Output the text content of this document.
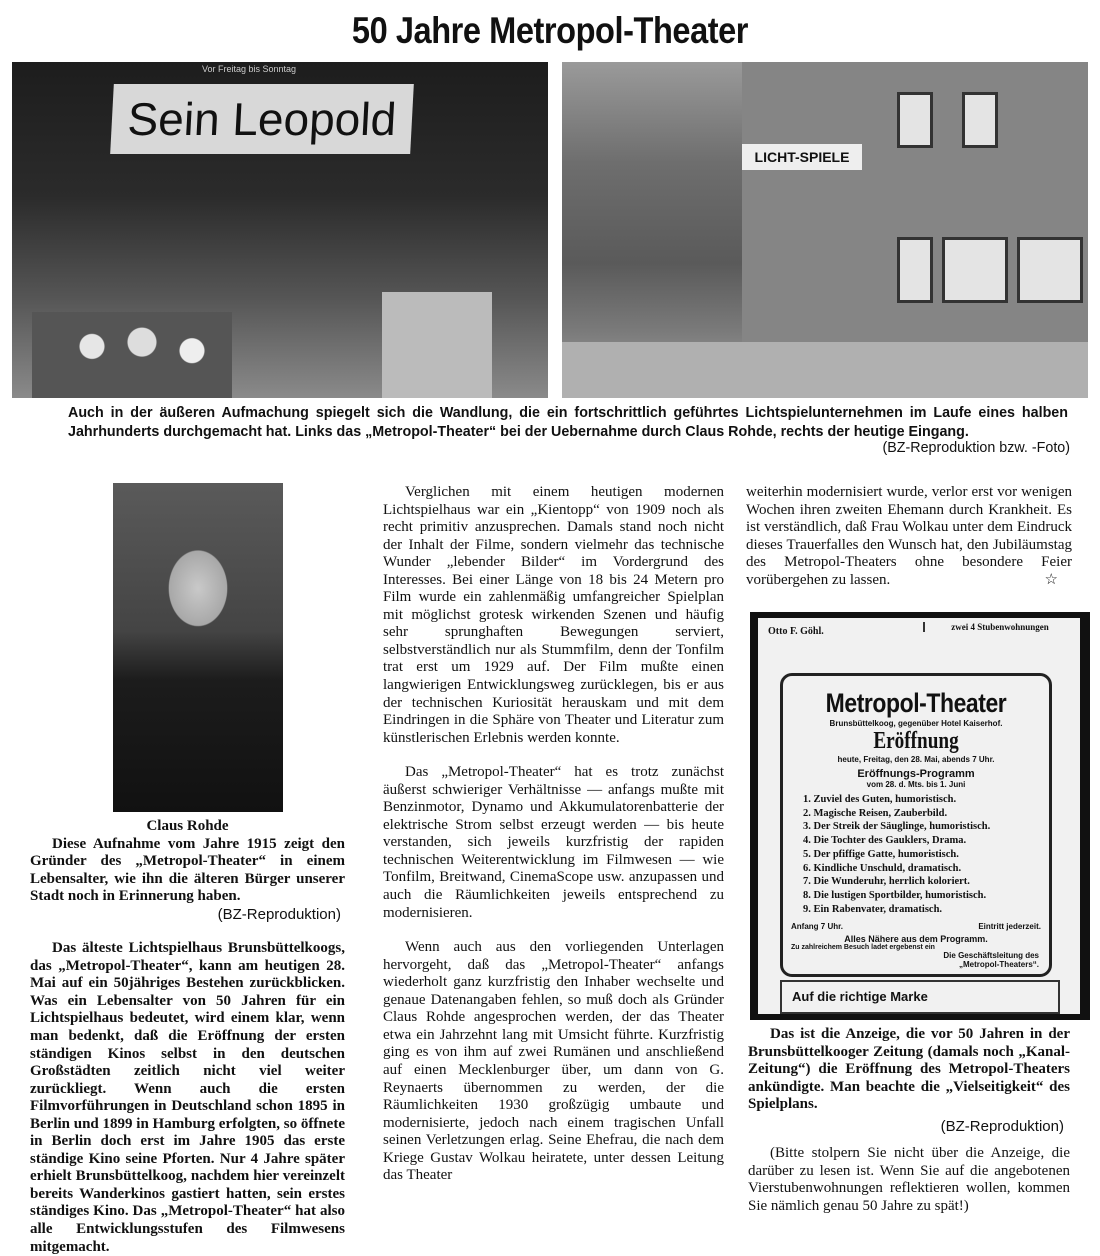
50 Jahre Metropol-Theater
Vor Freitag bis Sonntag
Sein Leopold
LICHT-SPIELE
Auch in der äußeren Aufmachung spiegelt sich die Wandlung, die ein fortschrittlich geführtes Lichtspielunternehmen im Laufe eines halben Jahrhunderts durchgemacht hat. Links das „Metropol-Theater“ bei der Uebernahme durch Claus Rohde, rechts der heutige Eingang.
(BZ-Reproduktion bzw. -Foto)

Claus Rohde

Diese Aufnahme vom Jahre 1915 zeigt den Gründer des „Metropol-Theater“ in einem Lebensalter, wie ihn die älteren Bürger unserer Stadt noch in Erinnerung haben.

(BZ-Reproduktion)

Das älteste Lichtspielhaus Brunsbüttelkoogs, das „Metropol-Theater“, kann am heutigen 28. Mai auf ein 50jähriges Bestehen zurückblicken. Was ein Lebensalter von 50 Jahren für ein Lichtspielhaus bedeutet, wird einem klar, wenn man bedenkt, daß die Eröffnung der ersten ständigen Kinos selbst in den deutschen Großstädten zeitlich nicht viel weiter zurückliegt. Wenn auch die ersten Filmvorführungen in Deutschland schon 1895 in Berlin und 1899 in Hamburg erfolgten, so öffnete in Berlin doch erst im Jahre 1905 das erste ständige Kino seine Pforten. Nur 4 Jahre später erhielt Brunsbüttelkoog, nachdem hier vereinzelt bereits Wanderkinos gastiert hatten, sein erstes ständiges Kino. Das „Metropol-Theater“ hat also alle Entwicklungsstufen des Filmwesens mitgemacht.

Verglichen mit einem heutigen modernen Lichtspielhaus war ein „Kientopp“ von 1909 noch als recht primitiv anzusprechen. Damals stand noch nicht der Inhalt der Filme, sondern vielmehr das technische Wunder „lebender Bilder“ im Vordergrund des Interesses. Bei einer Länge von 18 bis 24 Metern pro Film wurde ein zahlenmäßig umfangreicher Spielplan mit möglichst grotesk wirkenden Szenen und häufig sehr sprunghaften Bewegungen serviert, selbstverständlich nur als Stummfilm, denn der Tonfilm trat erst um 1929 auf. Der Film mußte einen langwierigen Entwicklungsweg zurücklegen, bis er aus der technischen Kuriosität herauskam und mit dem Eindringen in die Sphäre von Theater und Literatur zum künstlerischen Erlebnis werden konnte.

Das „Metropol-Theater“ hat es trotz zunächst äußerst schwieriger Verhältnisse — anfangs mußte mit Benzinmotor, Dynamo und Akkumulatorenbatterie der elektrische Strom selbst erzeugt werden — bis heute verstanden, sich jeweils kurzfristig der rapiden technischen Weiterentwicklung im Filmwesen — wie Tonfilm, Breitwand, CinemaScope usw. anzupassen und auch die Räumlichkeiten jeweils entsprechend zu modernisieren.

Wenn auch aus den vorliegenden Unterlagen hervorgeht, daß das „Metropol-Theater“ anfangs wiederholt ganz kurzfristig den Inhaber wechselte und genaue Datenangaben fehlen, so muß doch als Gründer Claus Rohde angesprochen werden, der das Theater etwa ein Jahrzehnt lang mit Umsicht führte. Kurzfristig ging es von ihm auf zwei Rumänen und anschließend auf einen Mecklenburger über, um dann von G. Reynaerts übernommen zu werden, der die Räumlichkeiten 1930 großzügig umbaute und modernisierte, jedoch nach einem tragischen Unfall seinen Verletzungen erlag. Seine Ehefrau, die nach dem Kriege Gustav Wolkau heiratete, unter dessen Leitung das Theater

weiterhin modernisiert wurde, verlor erst vor wenigen Wochen ihren zweiten Ehemann durch Krankheit. Es ist verständlich, daß Frau Wolkau unter dem Eindruck dieses Trauerfalles den Wunsch hat, den Jubiläumstag des Metropol-Theaters ohne besondere Feier vorübergehen zu lassen.	☆

Otto F. Göhl.	zwei 4 Stubenwohnungen
Metropol-Theater
Brunsbüttelkoog, gegenüber Hotel Kaiserhof.
Eröffnung
heute, Freitag, den 28. Mai, abends 7 Uhr.
Eröffnungs-Programm
vom 28. d. Mts. bis 1. Juni
1. Zuviel des Guten, humoristisch.
2. Magische Reisen, Zauberbild.
3. Der Streik der Säuglinge, humoristisch.
4. Die Tochter des Gauklers, Drama.
5. Der pfiffige Gatte, humoristisch.
6. Kindliche Unschuld, dramatisch.
7. Die Wunderuhr, herrlich koloriert.
8. Die lustigen Sportbilder, humoristisch.
9. Ein Rabenvater, dramatisch.
Anfang 7 Uhr.	Eintritt jederzeit.
Alles Nähere aus dem Programm.
Zu zahlreichem Besuch ladet ergebenst ein
Die Geschäftsleitung des „Metropol-Theaters“.
Auf die richtige Marke

Das ist die Anzeige, die vor 50 Jahren in der Brunsbüttelkooger Zeitung (damals noch „Kanal-Zeitung“) die Eröffnung des Metropol-Theaters ankündigte. Man beachte die „Vielseitigkeit“ des Spielplans.

(BZ-Reproduktion)

(Bitte stolpern Sie nicht über die Anzeige, die darüber zu lesen ist. Wenn Sie auf die angebotenen Vierstubenwohnungen reflektieren wollen, kommen Sie nämlich genau 50 Jahre zu spät!)
